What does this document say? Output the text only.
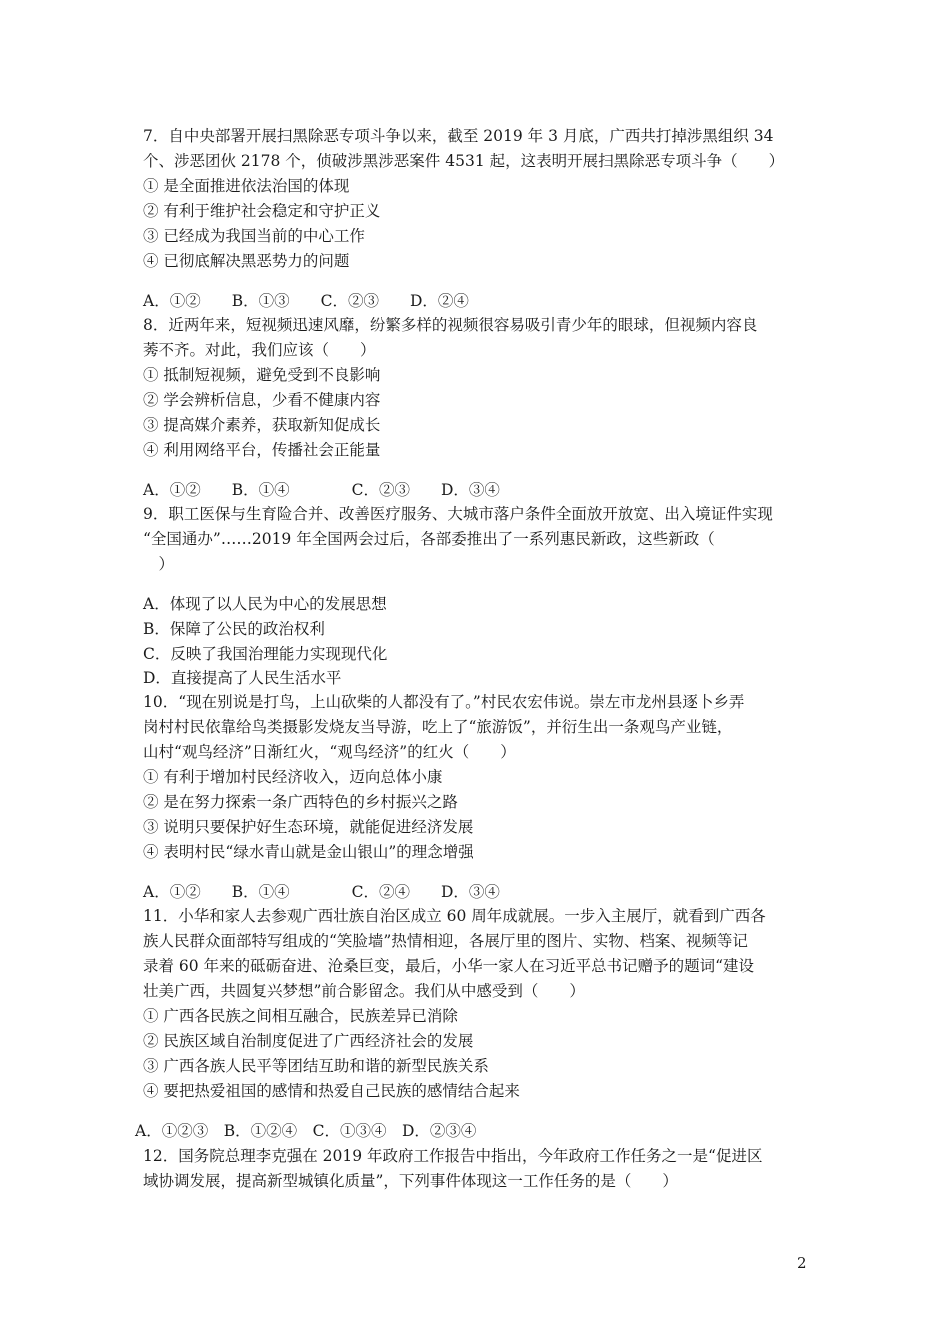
7．自中央部署开展扫黑除恶专项斗争以来，截至 2019 年 3 月底，广西共打掉涉黑组织 34
个、涉恶团伙 2178 个，侦破涉黑涉恶案件 4531 起，这表明开展扫黑除恶专项斗争（　　）
① 是全面推进依法治国的体现
② 有利于维护社会稳定和守护正义
③ 已经成为我国当前的中心工作
④ 已彻底解决黑恶势力的问题
A．①②　　B．①③　　C．②③　　D．②④
8．近两年来，短视频迅速风靡，纷繁多样的视频很容易吸引青少年的眼球，但视频内容良
莠不齐。对此，我们应该（　　）
① 抵制短视频，避免受到不良影响
② 学会辨析信息，少看不健康内容
③ 提高媒介素养，获取新知促成长
④ 利用网络平台，传播社会正能量
A．①②　　B．①④　　　　C．②③　　D．③④
9．职工医保与生育险合并、改善医疗服务、大城市落户条件全面放开放宽、出入境证件实现
“全国通办”……2019 年全国两会过后，各部委推出了一系列惠民新政，这些新政（
　）
A．体现了以人民为中心的发展思想
B．保障了公民的政治权利
C．反映了我国治理能力实现现代化
D．直接提高了人民生活水平
10．“现在别说是打鸟，上山砍柴的人都没有了。”村民农宏伟说。崇左市龙州县逐卜乡弄
岗村村民依靠给鸟类摄影发烧友当导游，吃上了“旅游饭”，并衍生出一条观鸟产业链，
山村“观鸟经济”日渐红火，“观鸟经济”的红火（　　）
① 有利于增加村民经济收入，迈向总体小康
② 是在努力探索一条广西特色的乡村振兴之路
③ 说明只要保护好生态环境，就能促进经济发展
④ 表明村民“绿水青山就是金山银山”的理念增强
A．①②　　B．①④　　　　C．②④　　D．③④
11．小华和家人去参观广西壮族自治区成立 60 周年成就展。一步入主展厅，就看到广西各
族人民群众面部特写组成的“笑脸墙”热情相迎，各展厅里的图片、实物、档案、视频等记
录着 60 年来的砥砺奋进、沧桑巨变，最后，小华一家人在习近平总书记赠予的题词“建设
壮美广西，共圆复兴梦想”前合影留念。我们从中感受到（　　）
① 广西各民族之间相互融合，民族差异已消除
② 民族区域自治制度促进了广西经济社会的发展
③ 广西各族人民平等团结互助和谐的新型民族关系
④ 要把热爱祖国的感情和热爱自己民族的感情结合起来
A．①②③　B．①②④　C．①③④　D．②③④
12．国务院总理李克强在 2019 年政府工作报告中指出，今年政府工作任务之一是“促进区
域协调发展，提高新型城镇化质量”，下列事件体现这一工作任务的是（　　）
2
